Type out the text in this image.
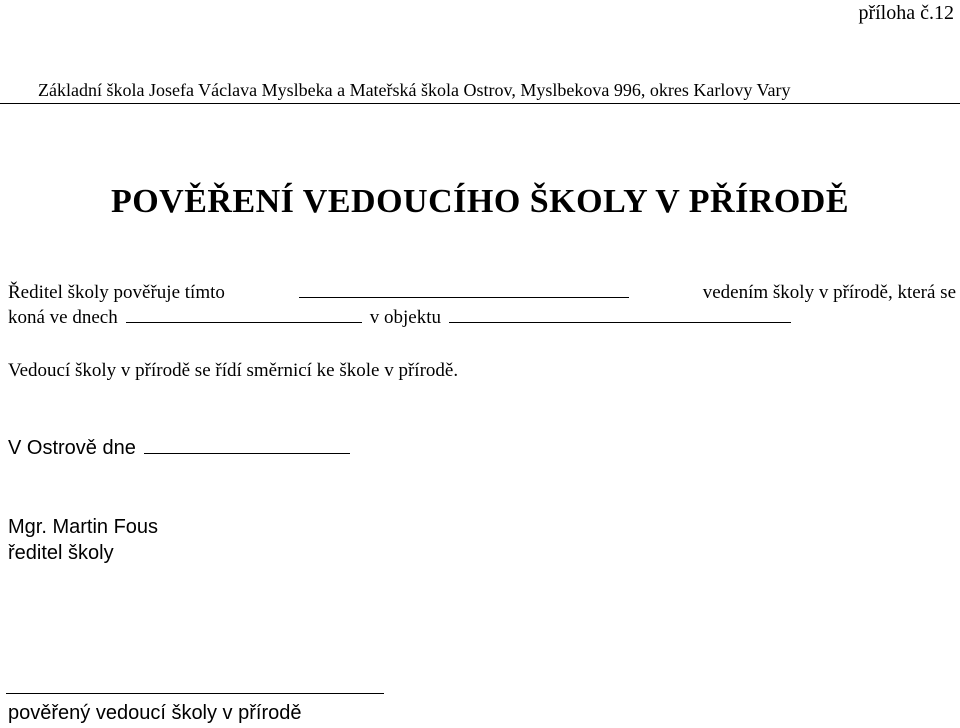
příloha č.12
Základní škola Josefa Václava Myslbeka a Mateřská škola Ostrov, Myslbekova 996, okres Karlovy Vary
POVĚŘENÍ VEDOUCÍHO ŠKOLY V PŘÍRODĚ
Ředitel školy pověřuje tímto	vedením školy v přírodě, která se
koná ve dnech	v objektu
Vedoucí školy v přírodě se řídí směrnicí ke škole v přírodě.
V Ostrově dne
Mgr. Martin Fous
ředitel školy
pověřený vedoucí školy v přírodě
